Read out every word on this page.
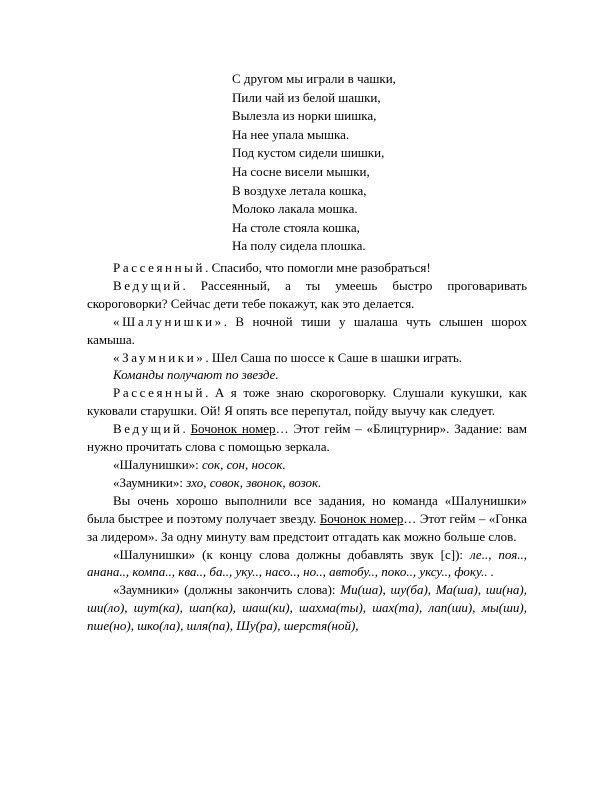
С другом мы играли в чашки,
Пили чай из белой шашки,
Вылезла из норки шишка,
На нее упала мышка.
Под кустом сидели шишки,
На сосне висели мышки,
В воздухе летала кошка,
Молоко лакала мошка.
На столе стояла кошка,
На полу сидела плошка.

Рассеянный. Спасибо, что помогли мне разобраться!

Ведущий. Рассеянный, а ты умеешь быстро проговаривать скороговорки? Сейчас дети тебе покажут, как это делается.

«Шалунишки». В ночной тиши у шалаша чуть слышен шорох камыша.

«Заумники». Шел Саша по шоссе к Саше в шашки играть.

Команды получают по звезде.

Рассеянный. А я тоже знаю скороговорку. Слушали кукушки, как куковали старушки. Ой! Я опять все перепутал, пойду выучу как следует.

Ведущий. Бочонок номер… Этот гейм – «Блицтурнир». Задание: вам нужно прочитать слова с помощью зеркала.

«Шалунишки»: сок, сон, носок.

«Заумники»: зхо, совок, звонок, возок.

Вы очень хорошо выполнили все задания, но команда «Шалунишки» была быстрее и поэтому получает звезду. Бочонок номер… Этот гейм – «Гонка за лидером». За одну минуту вам предстоит отгадать как можно больше слов.

«Шалунишки» (к концу слова должны добавлять звук [с]): ле.., поя.., анана.., компа.., ква.., ба.., уку.., насо.., но.., автобу.., поко.., уксу.., фоку.. .

«Заумники» (должны закончить слова): Ми(ша), шу(ба), Ма(ша), ши(на), ши(ло), шут(ка), шап(ка), шаш(ки), шахма(ты), шах(та), лап(ши), мы(ши), пше(но), шко(ла), шля(па), Шу(ра), шерстя(ной),
